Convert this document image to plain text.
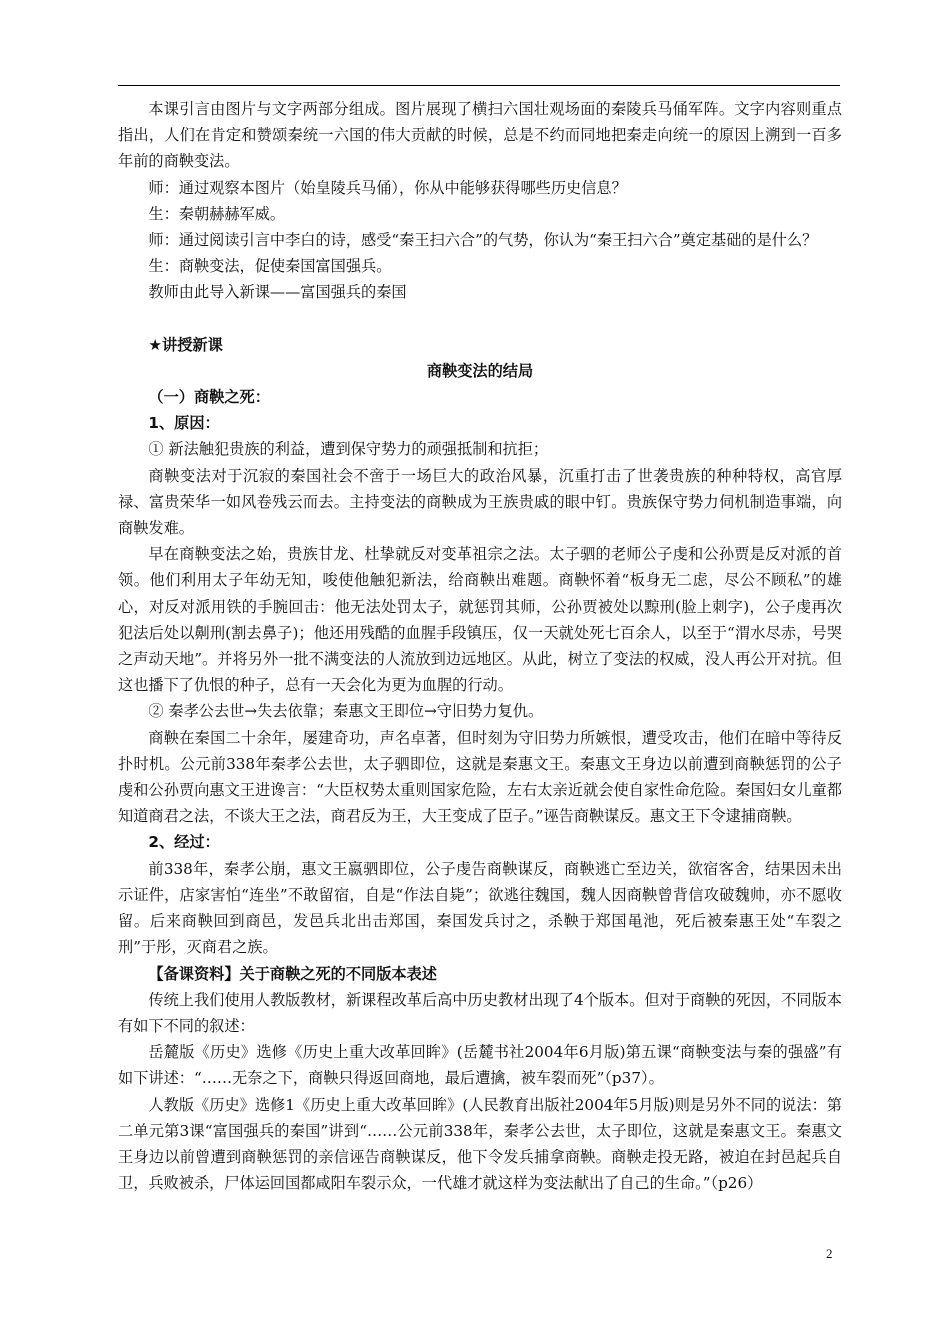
本课引言由图片与文字两部分组成。图片展现了横扫六国壮观场面的秦陵兵马俑军阵。文字内容则重点指出，人们在肯定和赞颂秦统一六国的伟大贡献的时候，总是不约而同地把秦走向统一的原因上溯到一百多年前的商鞅变法。

师：通过观察本图片（始皇陵兵马俑），你从中能够获得哪些历史信息？

生：秦朝赫赫军威。

师：通过阅读引言中李白的诗，感受“秦王扫六合”的气势，你认为“秦王扫六合”奠定基础的是什么？

生：商鞅变法，促使秦国富国强兵。

教师由此导入新课——富国强兵的秦国

★讲授新课

商鞅变法的结局

（一）商鞅之死：

1、原因：

① 新法触犯贵族的利益，遭到保守势力的顽强抵制和抗拒；

商鞅变法对于沉寂的秦国社会不啻于一场巨大的政治风暴，沉重打击了世袭贵族的种种特权，高官厚禄、富贵荣华一如风卷残云而去。主持变法的商鞅成为王族贵戚的眼中钉。贵族保守势力伺机制造事端，向商鞅发难。

早在商鞅变法之始，贵族甘龙、杜挚就反对变革祖宗之法。太子驷的老师公子虔和公孙贾是反对派的首领。他们利用太子年幼无知，唆使他触犯新法，给商鞅出难题。商鞅怀着“板身无二虑，尽公不顾私”的雄心，对反对派用铁的手腕回击：他无法处罚太子，就惩罚其师，公孙贾被处以黥刑(脸上刺字)，公子虔再次犯法后处以劓刑(割去鼻子)；他还用残酷的血腥手段镇压，仅一天就处死七百余人，以至于“渭水尽赤，号哭之声动天地”。并将另外一批不满变法的人流放到边远地区。从此，树立了变法的权威，没人再公开对抗。但这也播下了仇恨的种子，总有一天会化为更为血腥的行动。

② 秦孝公去世→失去依靠；秦惠文王即位→守旧势力复仇。

商鞅在秦国二十余年，屡建奇功，声名卓著，但时刻为守旧势力所嫉恨，遭受攻击，他们在暗中等待反扑时机。公元前338年秦孝公去世，太子驷即位，这就是秦惠文王。秦惠文王身边以前遭到商鞅惩罚的公子虔和公孙贾向惠文王进谗言：“大臣权势太重则国家危险，左右太亲近就会使自家性命危险。秦国妇女儿童都知道商君之法，不谈大王之法，商君反为王，大王变成了臣子。”诬告商鞅谋反。惠文王下令逮捕商鞅。

2、经过：

前338年，秦孝公崩，惠文王嬴驷即位，公子虔告商鞅谋反，商鞅逃亡至边关，欲宿客舍，结果因未出示证件，店家害怕“连坐”不敢留宿，自是“作法自毙”；欲逃往魏国，魏人因商鞅曾背信攻破魏帅，亦不愿收留。后来商鞅回到商邑，发邑兵北出击郑国，秦国发兵讨之，杀鞅于郑国黾池，死后被秦惠王处“车裂之刑”于彤，灭商君之族。

【备课资料】关于商鞅之死的不同版本表述

传统上我们使用人教版教材，新课程改革后高中历史教材出现了4个版本。但对于商鞅的死因，不同版本有如下不同的叙述：

岳麓版《历史》选修《历史上重大改革回眸》(岳麓书社2004年6月版)第五课“商鞅变法与秦的强盛”有如下讲述：“……无奈之下，商鞅只得返回商地，最后遭擒，被车裂而死”（p37）。

人教版《历史》选修1《历史上重大改革回眸》(人民教育出版社2004年5月版)则是另外不同的说法：第二单元第3课“富国强兵的秦国”讲到“……公元前338年，秦孝公去世，太子即位，这就是秦惠文王。秦惠文王身边以前曾遭到商鞅惩罚的亲信诬告商鞅谋反，他下令发兵捕拿商鞅。商鞅走投无路，被迫在封邑起兵自卫，兵败被杀，尸体运回国都咸阳车裂示众，一代雄才就这样为变法献出了自己的生命。”（p26）

2
